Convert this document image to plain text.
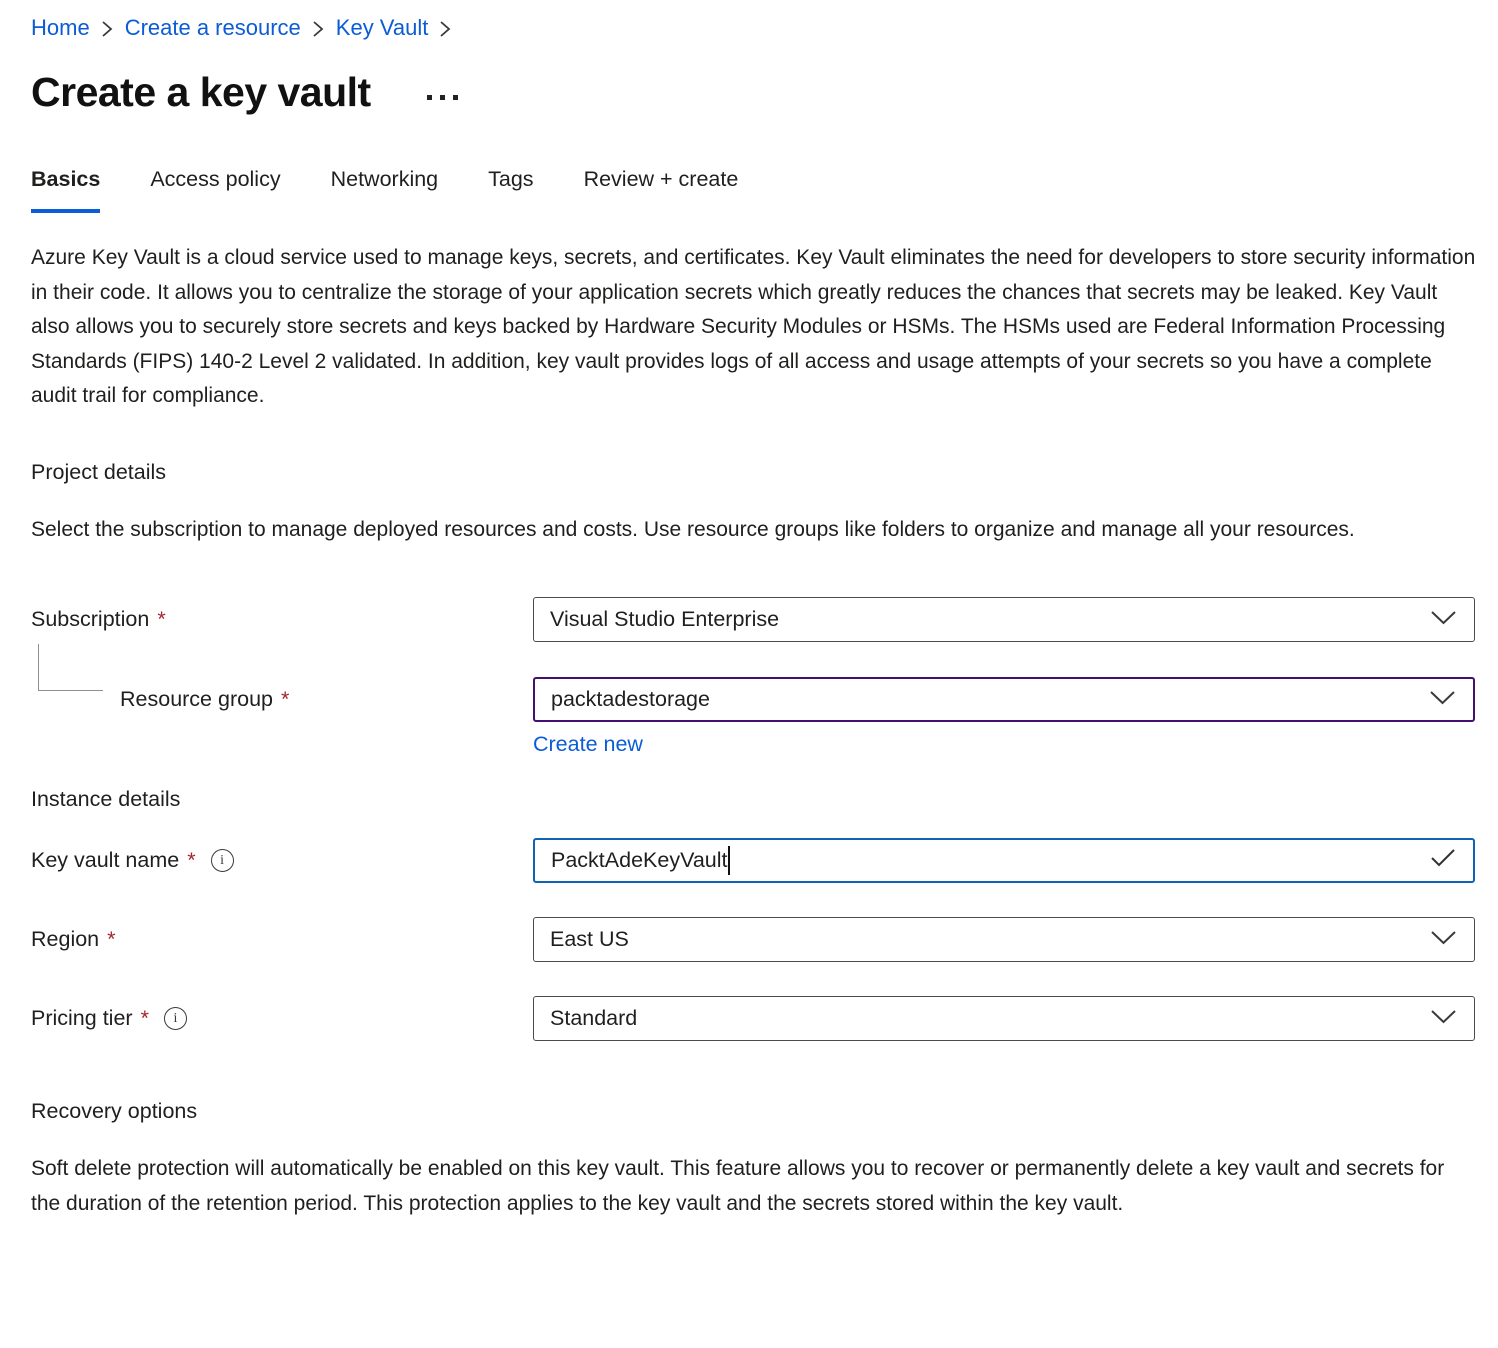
Home Create a resource Key Vault
Create a key vault
Basics Access policy Networking Tags Review + create

Azure Key Vault is a cloud service used to manage keys, secrets, and certificates. Key Vault eliminates the need for developers to store security information in their code. It allows you to centralize the storage of your application secrets which greatly reduces the chances that secrets may be leaked. Key Vault also allows you to securely store secrets and keys backed by Hardware Security Modules or HSMs. The HSMs used are Federal Information Processing Standards (FIPS) 140-2 Level 2 validated. In addition, key vault provides logs of all access and usage attempts of your secrets so you have a complete audit trail for compliance.

Project details

Select the subscription to manage deployed resources and costs. Use resource groups like folders to organize and manage all your resources.

Subscription *	Visual Studio Enterprise
Resource group *	packtadestorage
Create new
Instance details
Key vault name *	i	PacktAdeKeyVault
Region *	East US
Pricing tier *	i	Standard
Recovery options

Soft delete protection will automatically be enabled on this key vault. This feature allows you to recover or permanently delete a key vault and secrets for the duration of the retention period. This protection applies to the key vault and the secrets stored within the key vault.
